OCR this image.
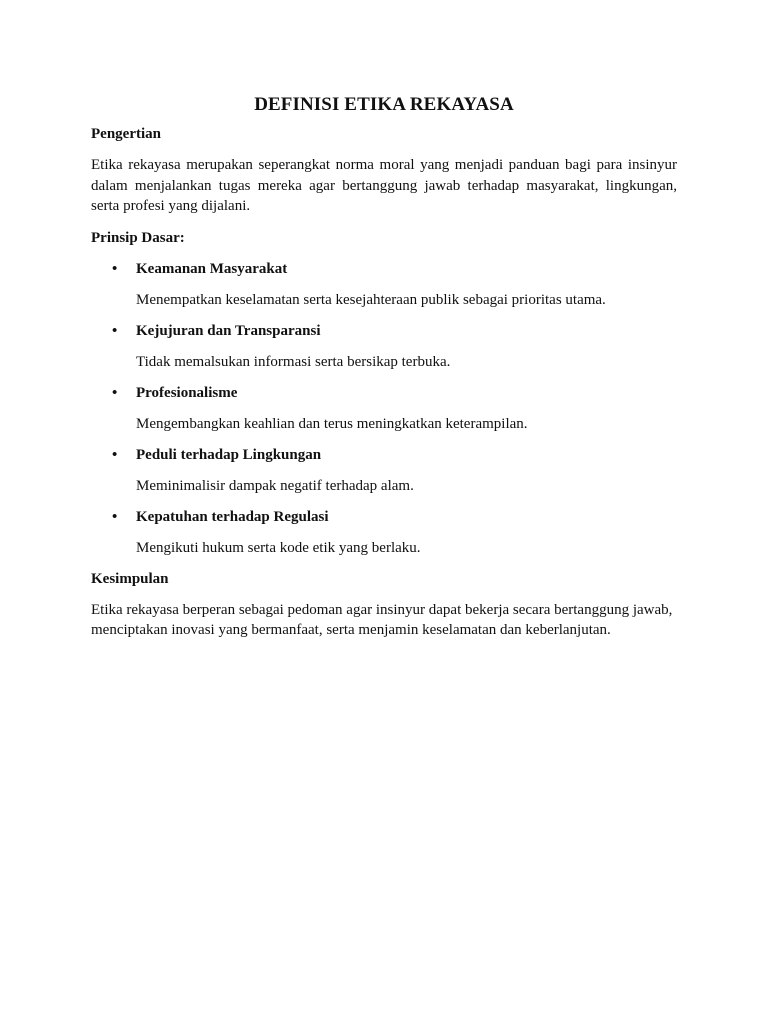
DEFINISI ETIKA REKAYASA
Pengertian
Etika rekayasa merupakan seperangkat norma moral yang menjadi panduan bagi para insinyur dalam menjalankan tugas mereka agar bertanggung jawab terhadap masyarakat, lingkungan, serta profesi yang dijalani.
Prinsip Dasar:
• Keamanan Masyarakat
Menempatkan keselamatan serta kesejahteraan publik sebagai prioritas utama.
• Kejujuran dan Transparansi
Tidak memalsukan informasi serta bersikap terbuka.
• Profesionalisme
Mengembangkan keahlian dan terus meningkatkan keterampilan.
• Peduli terhadap Lingkungan
Meminimalisir dampak negatif terhadap alam.
• Kepatuhan terhadap Regulasi
Mengikuti hukum serta kode etik yang berlaku.
Kesimpulan
Etika rekayasa berperan sebagai pedoman agar insinyur dapat bekerja secara bertanggung jawab, menciptakan inovasi yang bermanfaat, serta menjamin keselamatan dan keberlanjutan.
